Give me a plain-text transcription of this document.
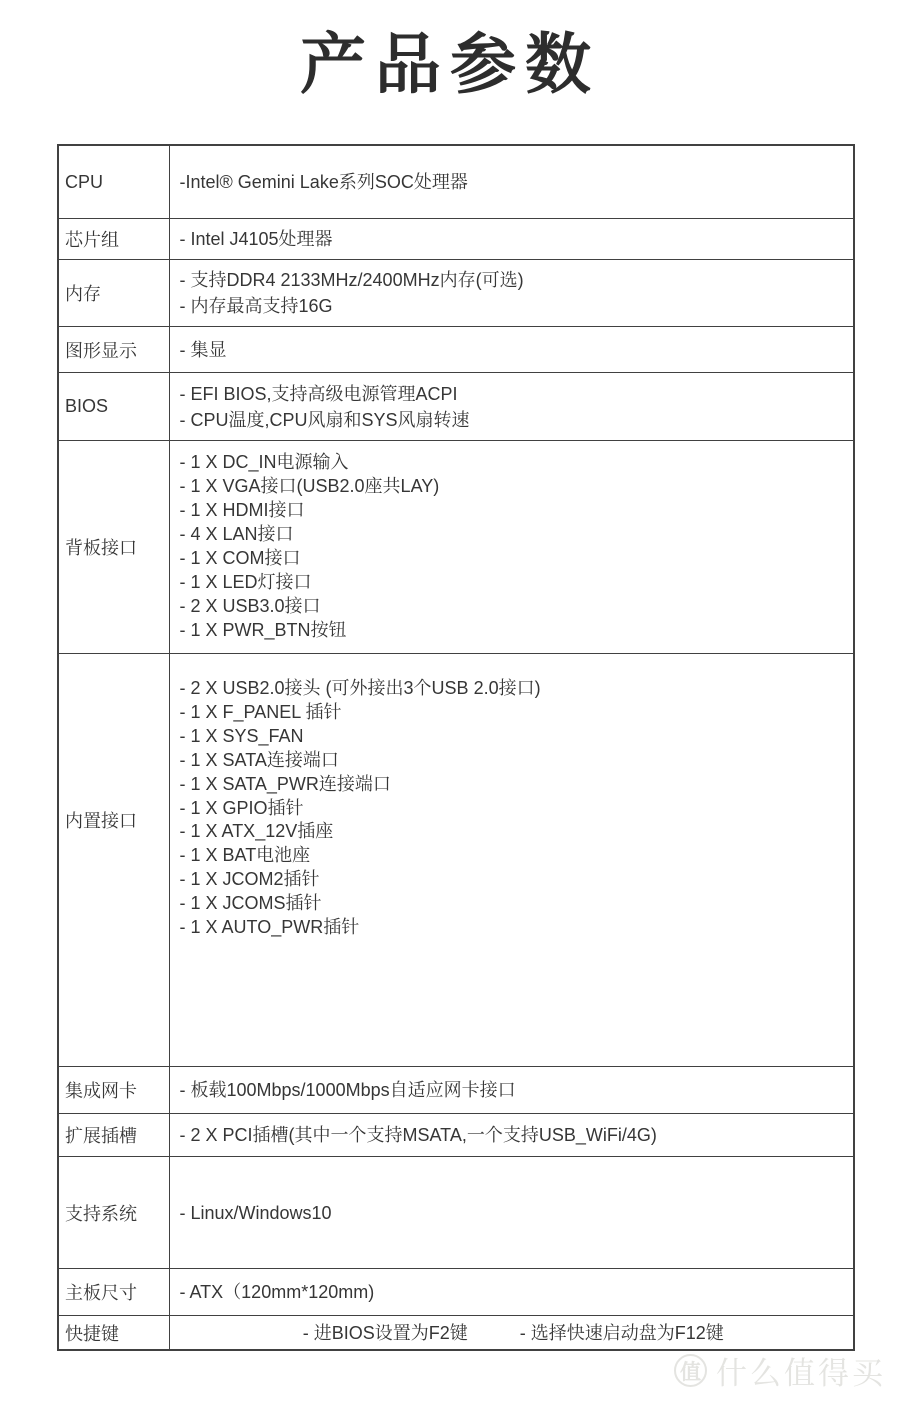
产品参数
CPU	-Intel® Gemini Lake系列SOC处理器
芯片组	- Intel J4105处理器
内存
- 支持DDR4 2133MHz/2400MHz内存(可选)
- 内存最高支持16G
图形显示 - 集显
BIOS
- EFI BIOS,支持高级电源管理ACPI
- CPU温度,CPU风扇和SYS风扇转速
背板接口
- 1 X DC_IN电源输入
- 1 X VGA接口(USB2.0座共LAY)
- 1 X HDMI接口
- 4 X LAN接口
- 1 X COM接口
- 1 X LED灯接口
- 2 X USB3.0接口
- 1 X PWR_BTN按钮
内置接口
- 2 X USB2.0接头 (可外接出3个USB 2.0接口)
- 1 X F_PANEL 插针
- 1 X SYS_FAN
- 1 X SATA连接端口
- 1 X SATA_PWR连接端口
- 1 X GPIO插针
- 1 X ATX_12V插座
- 1 X BAT电池座
- 1 X JCOM2插针
- 1 X JCOMS插针
- 1 X AUTO_PWR插针
集成网卡 - 板载100Mbps/1000Mbps自适应网卡接口
扩展插槽 - 2 X PCI插槽(其中一个支持MSATA,一个支持USB_WiFi/4G)
支持系统 - Linux/Windows10
主板尺寸 - ATX（120mm*120mm)
快捷键	- 进BIOS设置为F2键	- 选择快速启动盘为F12键
值 什么值得买
